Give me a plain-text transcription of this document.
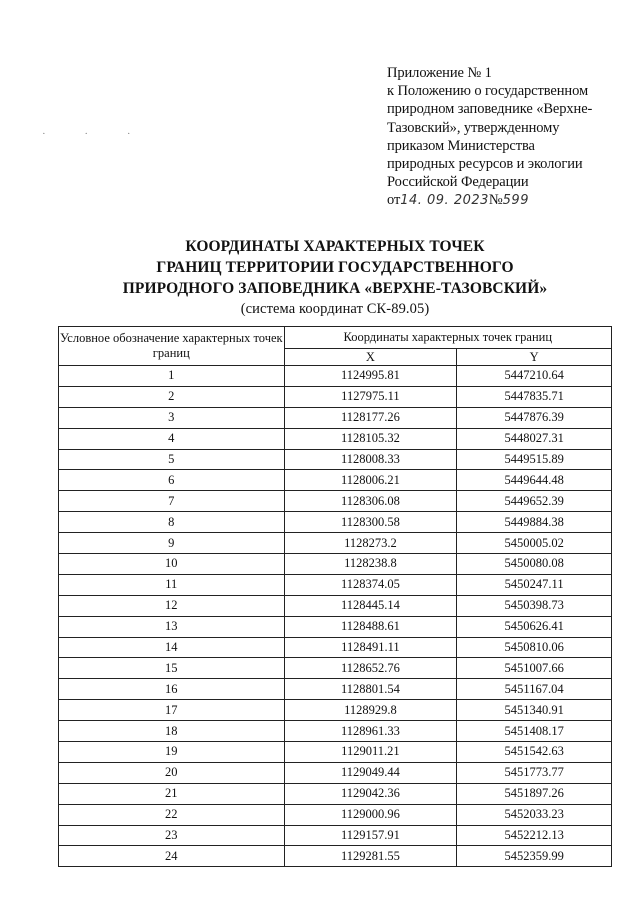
· · ·
Приложение № 1
к Положению о государственном
природном заповеднике «Верхне-
Тазовский», утвержденному
приказом Министерства
природных ресурсов и экологии
Российской Федерации
от 14. 09. 2023 № 599
КООРДИНАТЫ ХАРАКТЕРНЫХ ТОЧЕК
ГРАНИЦ ТЕРРИТОРИИ ГОСУДАРСТВЕННОГО
ПРИРОДНОГО ЗАПОВЕДНИКА «ВЕРХНЕ-ТАЗОВСКИЙ»
(система координат СК-89.05)
Условное обозначение характерных точек границ	Координаты характерных точек границ	
	X	Y
1	1124995.81	5447210.64
2	1127975.11	5447835.71
3	1128177.26	5447876.39
4	1128105.32	5448027.31
5	1128008.33	5449515.89
6	1128006.21	5449644.48
7	1128306.08	5449652.39
8	1128300.58	5449884.38
9	1128273.2	5450005.02
10	1128238.8	5450080.08
11	1128374.05	5450247.11
12	1128445.14	5450398.73
13	1128488.61	5450626.41
14	1128491.11	5450810.06
15	1128652.76	5451007.66
16	1128801.54	5451167.04
17	1128929.8	5451340.91
18	1128961.33	5451408.17
19	1129011.21	5451542.63
20	1129049.44	5451773.77
21	1129042.36	5451897.26
22	1129000.96	5452033.23
23	1129157.91	5452212.13
24	1129281.55	5452359.99
